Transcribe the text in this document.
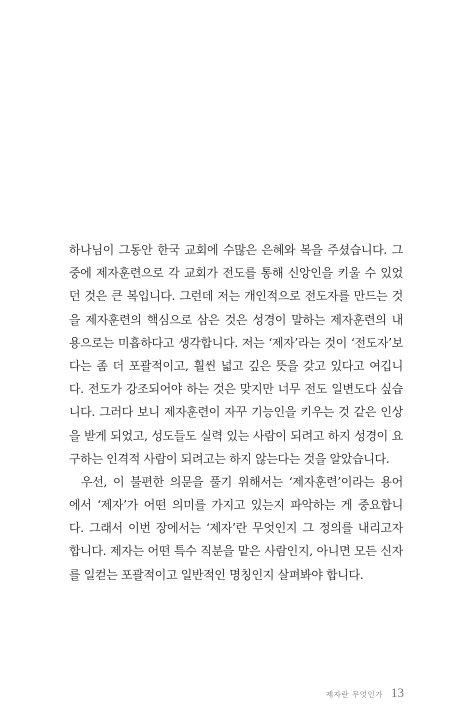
하나님이 그동안 한국 교회에 수많은 은혜와 복을 주셨습니다. 그
중에 제자훈련으로 각 교회가 전도를 통해 신앙인을 키울 수 있었
던 것은 큰 복입니다. 그런데 저는 개인적으로 전도자를 만드는 것
을 제자훈련의 핵심으로 삼은 것은 성경이 말하는 제자훈련의 내
용으로는 미흡하다고 생각합니다. 저는 ‘제자’라는 것이 ‘전도자’보
다는 좀 더 포괄적이고, 훨씬 넓고 깊은 뜻을 갖고 있다고 여깁니
다. 전도가 강조되어야 하는 것은 맞지만 너무 전도 일변도다 싶습
니다. 그러다 보니 제자훈련이 자꾸 기능인을 키우는 것 같은 인상
을 받게 되었고, 성도들도 실력 있는 사람이 되려고 하지 성경이 요
구하는 인격적 사람이 되려고는 하지 않는다는 것을 알았습니다.
우선, 이 불편한 의문을 풀기 위해서는 ‘제자훈련’이라는 용어
에서 ‘제자’가 어떤 의미를 가지고 있는지 파악하는 게 중요합니
다. 그래서 이번 장에서는 ‘제자’란 무엇인지 그 정의를 내리고자
합니다. 제자는 어떤 특수 직분을 맡은 사람인지, 아니면 모든 신자
를 일컫는 포괄적이고 일반적인 명칭인지 살펴봐야 합니다.
제자란 무엇인가 13
